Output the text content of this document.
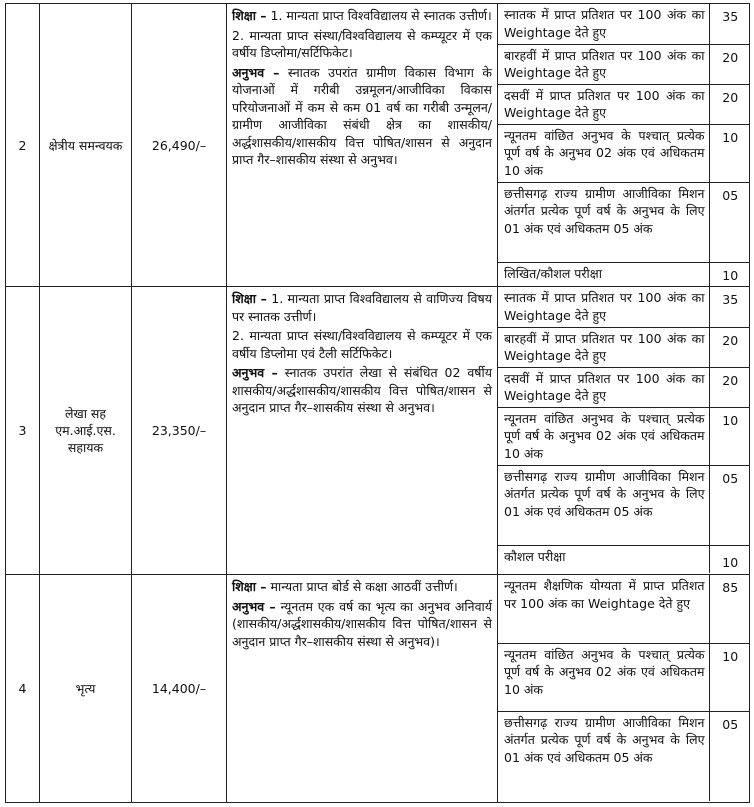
2	क्षेत्रीय समन्वयक	26,490/–	

शिक्षा – 1. मान्यता प्राप्त विश्वविद्यालय से स्नातक उत्तीर्ण।

2. मान्यता प्राप्त संस्था/विश्वविद्यालय से कम्प्यूटर में एक वर्षीय डिप्लोमा/सर्टिफिकेट।

अनुभव – स्नातक उपरांत ग्रामीण विकास विभाग के योजनाओं में गरीबी उन्नमूलन/आजीविका विकास परियोजनाओं में कम से कम 01 वर्ष का गरीबी उन्मूलन/ग्रामीण आजीविका संबंधी क्षेत्र का शासकीय/अर्द्धशासकीय/शासकीय वित्त पोषित/शासन से अनुदान प्राप्त गैर–शासकीय संस्था से अनुभव।

स्नातक में प्राप्त प्रतिशत पर 100 अंक का Weightage देते हुए	35
बारहवीं में प्राप्त प्रतिशत पर 100 अंक का Weightage देते हुए	20
दसवीं में प्राप्त प्रतिशत पर 100 अंक का Weightage देते हुए	20
न्यूनतम वांछित अनुभव के पश्चात् प्रत्येक पूर्ण वर्ष के अनुभव 02 अंक एवं अधिकतम 10 अंक	10
छत्तीसगढ़ राज्य ग्रामीण आजीविका मिशन अंतर्गत प्रत्येक पूर्ण वर्ष के अनुभव के लिए 01 अंक एवं अधिकतम 05 अंक	05
लिखित/कौशल परीक्षा	10

3	लेखा सह एम.आई.एस. सहायक	23,350/–	

शिक्षा – 1. मान्यता प्राप्त विश्वविद्यालय से वाणिज्य विषय पर स्नातक उत्तीर्ण।

2. मान्यता प्राप्त संस्था/विश्वविद्यालय से कम्प्यूटर में एक वर्षीय डिप्लोमा एवं टैली सर्टिफिकेट।

अनुभव – स्नातक उपरांत लेखा से संबंधित 02 वर्षीय शासकीय/अर्द्धशासकीय/शासकीय वित्त पोषित/शासन से अनुदान प्राप्त गैर–शासकीय संस्था से अनुभव।

स्नातक में प्राप्त प्रतिशत पर 100 अंक का Weightage देते हुए	35
बारहवीं में प्राप्त प्रतिशत पर 100 अंक का Weightage देते हुए	20
दसवीं में प्राप्त प्रतिशत पर 100 अंक का Weightage देते हुए	20
न्यूनतम वांछित अनुभव के पश्चात् प्रत्येक पूर्ण वर्ष के अनुभव 02 अंक एवं अधिकतम 10 अंक	10
छत्तीसगढ़ राज्य ग्रामीण आजीविका मिशन अंतर्गत प्रत्येक पूर्ण वर्ष के अनुभव के लिए 01 अंक एवं अधिकतम 05 अंक	05
कौशल परीक्षा	10

4	भृत्य	14,400/–	

शिक्षा – मान्यता प्राप्त बोर्ड से कक्षा आठवीं उत्तीर्ण।

अनुभव – न्यूनतम एक वर्ष का भृत्य का अनुभव अनिवार्य (शासकीय/अर्द्धशासकीय/शासकीय वित्त पोषित/शासन से अनुदान प्राप्त गैर–शासकीय संस्था से अनुभव)।

न्यूनतम शैक्षणिक योग्यता में प्राप्त प्रतिशत पर 100 अंक का Weightage देते हुए	85
न्यूनतम वांछित अनुभव के पश्चात् प्रत्येक पूर्ण वर्ष के अनुभव 02 अंक एवं अधिकतम 10 अंक	10
छत्तीसगढ़ राज्य ग्रामीण आजीविका मिशन अंतर्गत प्रत्येक पूर्ण वर्ष के अनुभव के लिए 01 अंक एवं अधिकतम 05 अंक	05
